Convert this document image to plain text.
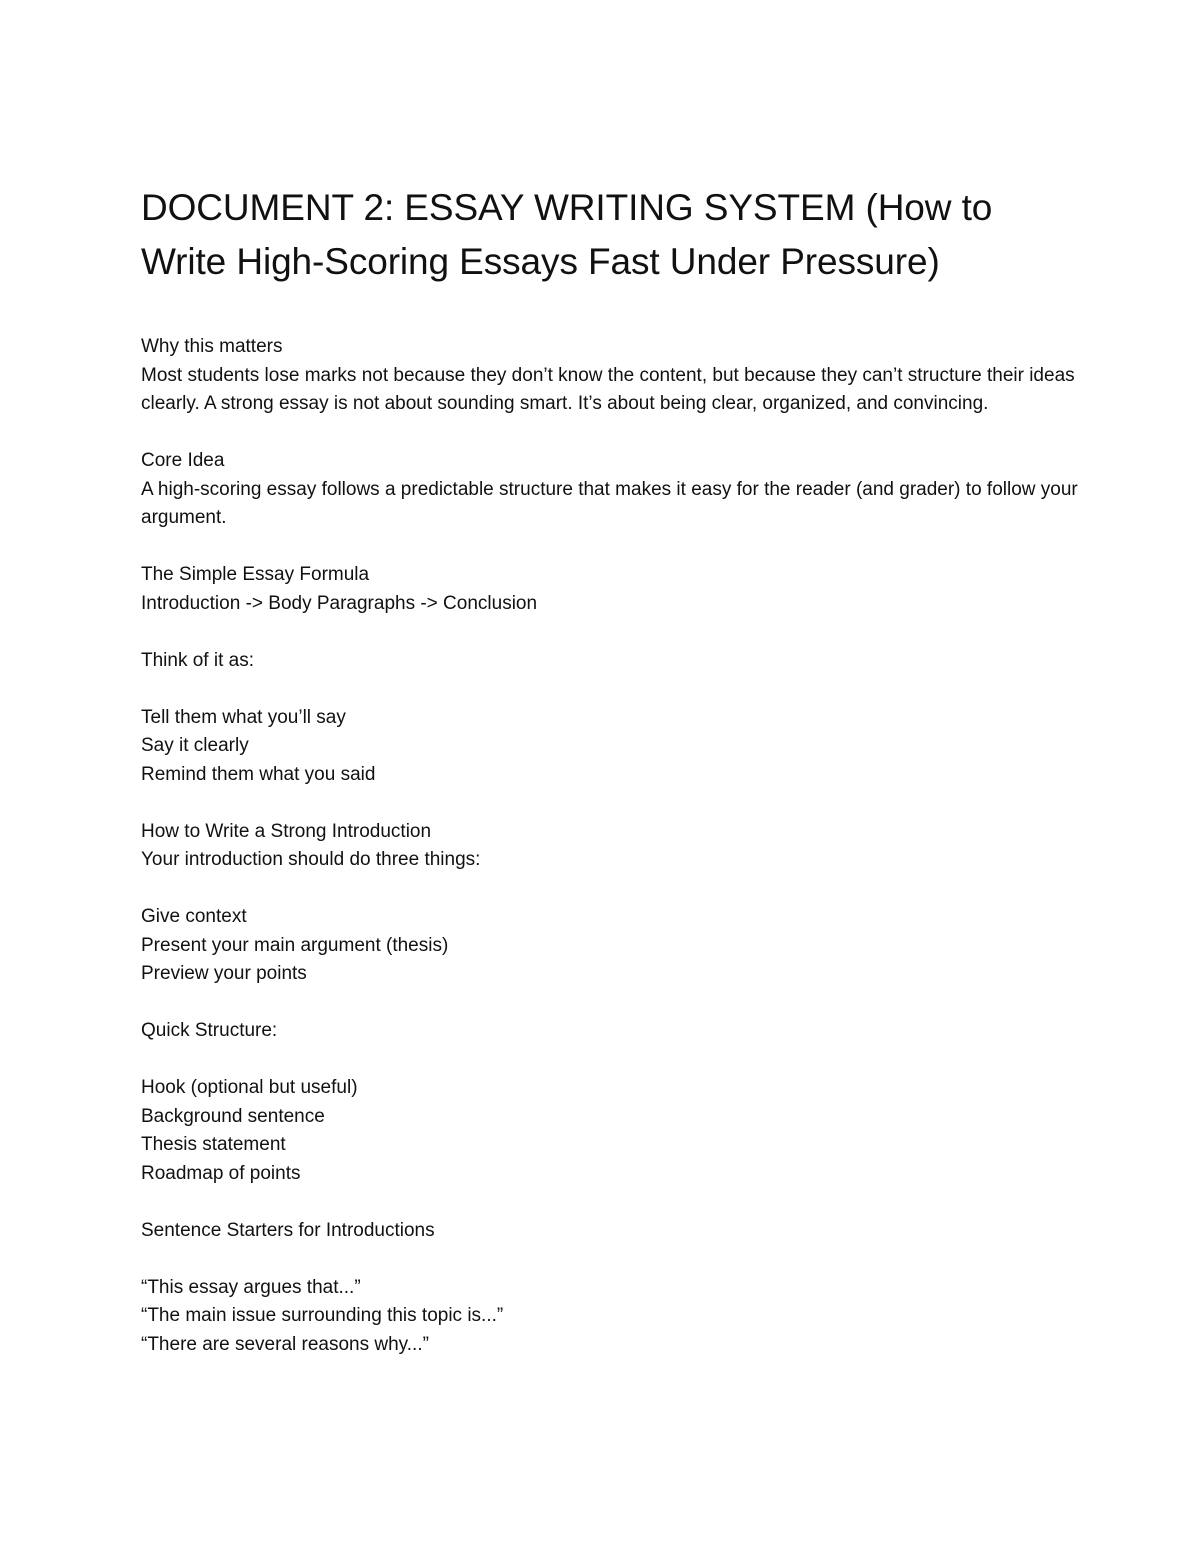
DOCUMENT 2: ESSAY WRITING SYSTEM (How to Write High-Scoring Essays Fast Under Pressure)

Why this matters

Most students lose marks not because they don’t know the content, but because they can’t structure their ideas clearly. A strong essay is not about sounding smart. It’s about being clear, organized, and convincing.

Core Idea

A high-scoring essay follows a predictable structure that makes it easy for the reader (and grader) to follow your argument.

The Simple Essay Formula

Introduction -> Body Paragraphs -> Conclusion

Think of it as:

Tell them what you’ll say

Say it clearly

Remind them what you said

How to Write a Strong Introduction

Your introduction should do three things:

Give context

Present your main argument (thesis)

Preview your points

Quick Structure:

Hook (optional but useful)

Background sentence

Thesis statement

Roadmap of points

Sentence Starters for Introductions

“This essay argues that...”

“The main issue surrounding this topic is...”

“There are several reasons why...”
